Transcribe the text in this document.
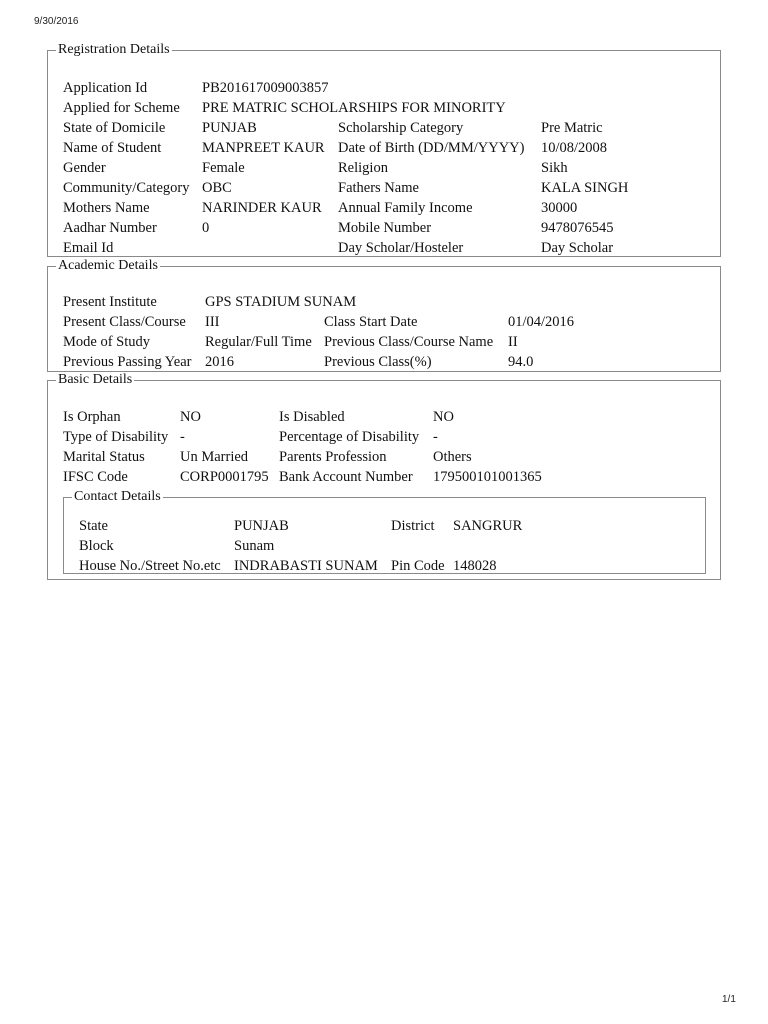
9/30/2016
Registration Details
Application Id	PB201617009003857		
Applied for Scheme	PRE MATRIC SCHOLARSHIPS FOR MINORITY		
State of Domicile	PUNJAB	Scholarship Category	Pre Matric
Name of Student	MANPREET KAUR	Date of Birth (DD/MM/YYYY)	10/08/2008
Gender	Female	Religion	Sikh
Community/Category	OBC	Fathers Name	KALA SINGH
Mothers Name	NARINDER KAUR	Annual Family Income	30000
Aadhar Number	0	Mobile Number	9478076545
Email Id		Day Scholar/Hosteler	Day Scholar
Academic Details
Present Institute	GPS STADIUM SUNAM		
Present Class/Course	III	Class Start Date	01/04/2016
Mode of Study	Regular/Full Time	Previous Class/Course Name	II
Previous Passing Year	2016	Previous Class(%)	94.0
Basic Details
Is Orphan	NO	Is Disabled	NO
Type of Disability	-	Percentage of Disability	-
Marital Status	Un Married	Parents Profession	Others
IFSC Code	CORP0001795	Bank Account Number	179500101001365
Contact Details
State	PUNJAB	District	SANGRUR
Block	Sunam		
House No./Street No.etc	INDRABASTI SUNAM	Pin Code	148028
1/1
